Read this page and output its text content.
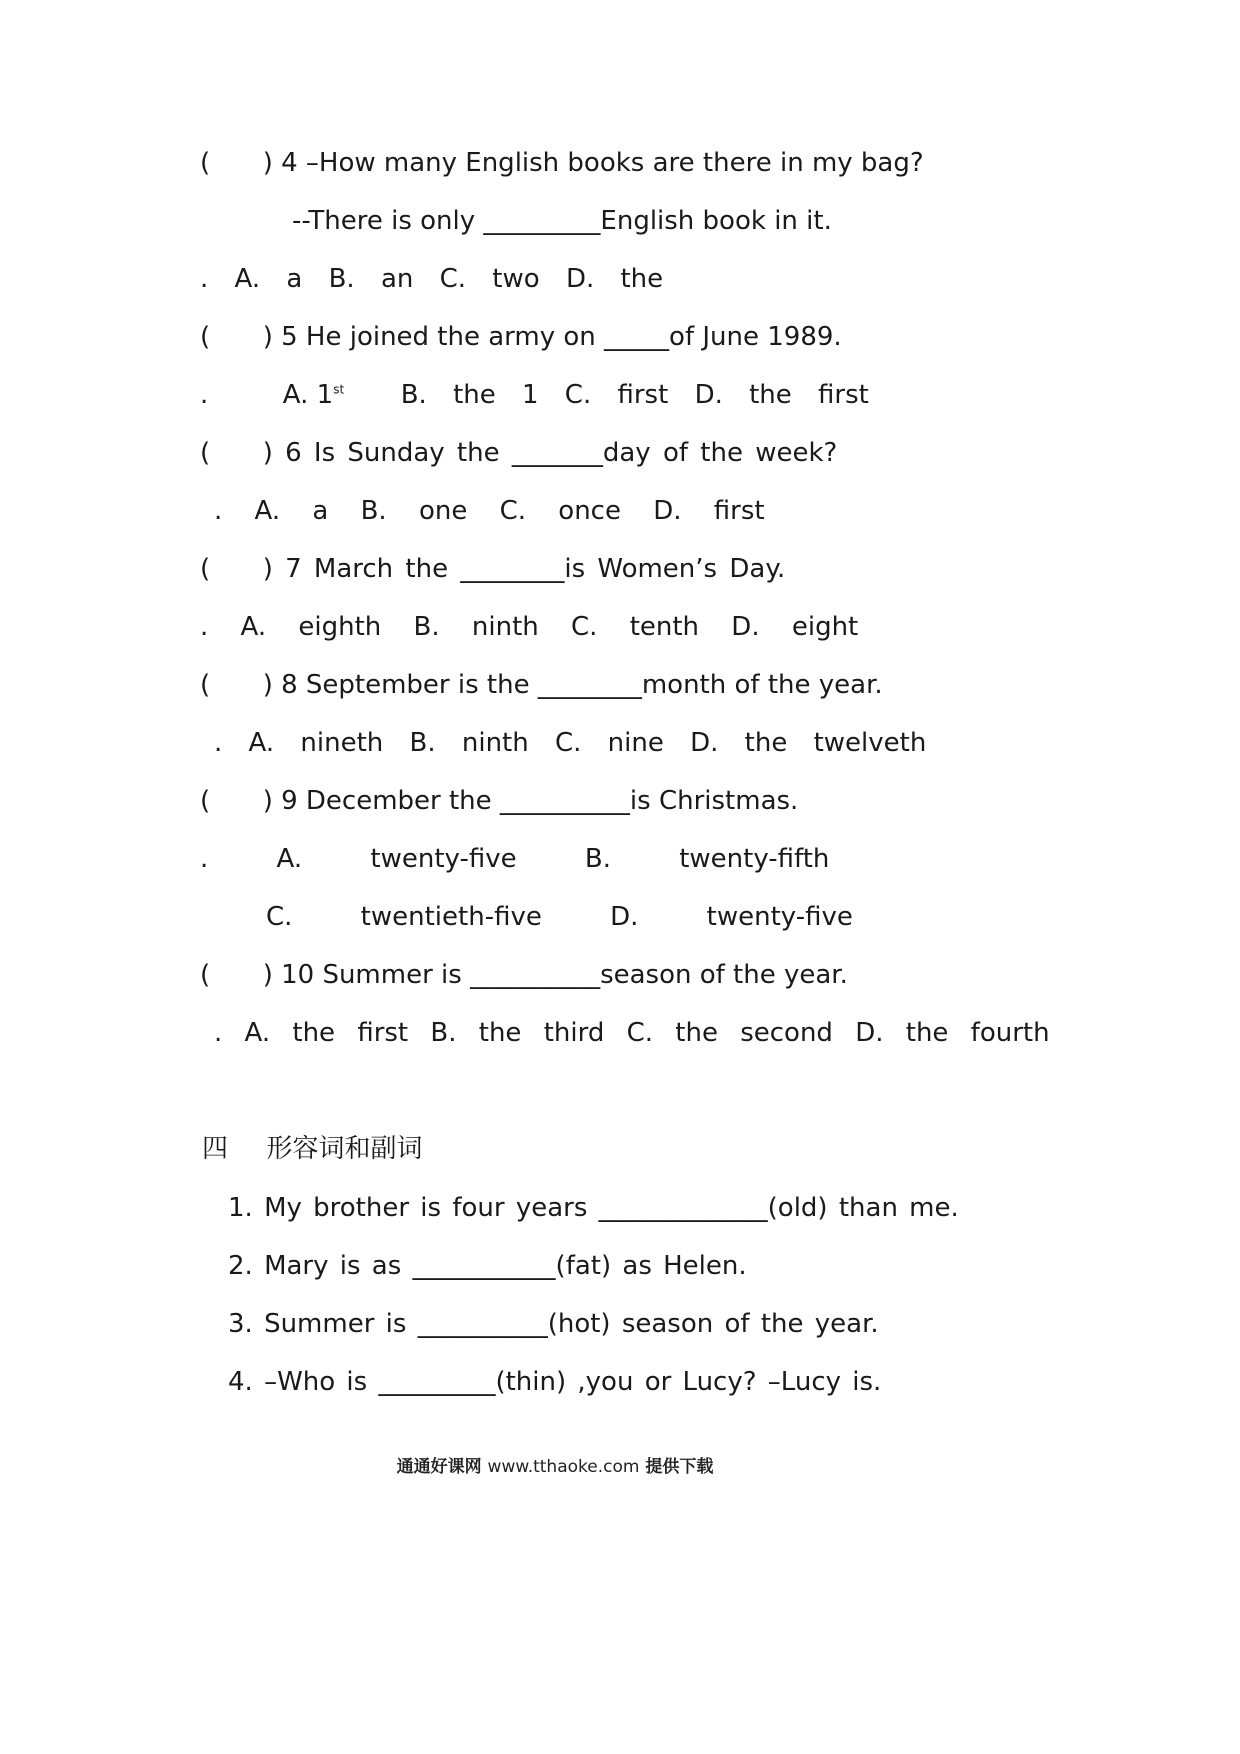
( ) 4 –How many English books are there in my bag?
--There is only _________English book in it.
. A. a B. an C. two D. the
( ) 5 He joined the army on _____of June 1989.
.	A. 1st B. the 1 C. first D. the first
( ) 6 Is Sunday the _______day of the week?
. A. a B. one C. once D. first
( ) 7 March the ________is Women’s Day.
. A. eighth B. ninth C. tenth D. eight
( ) 8 September is the ________month of the year.
. A. nineth B. ninth C. nine D. the twelveth
( ) 9 December the __________is Christmas.
. A. twenty-five B. twenty-fifth
C. twentieth-five D. twenty-five
( ) 10 Summer is __________season of the year.
. A. the first B. the third C. the second D. the fourth
四 形容词和副词
1. My brother is four years _____________(old) than me.
2. Mary is as ___________(fat) as Helen.
3. Summer is __________(hot) season of the year.
4. –Who is _________(thin) ,you or Lucy? –Lucy is.
通通好课网 www.tthaoke.com 提供下载
